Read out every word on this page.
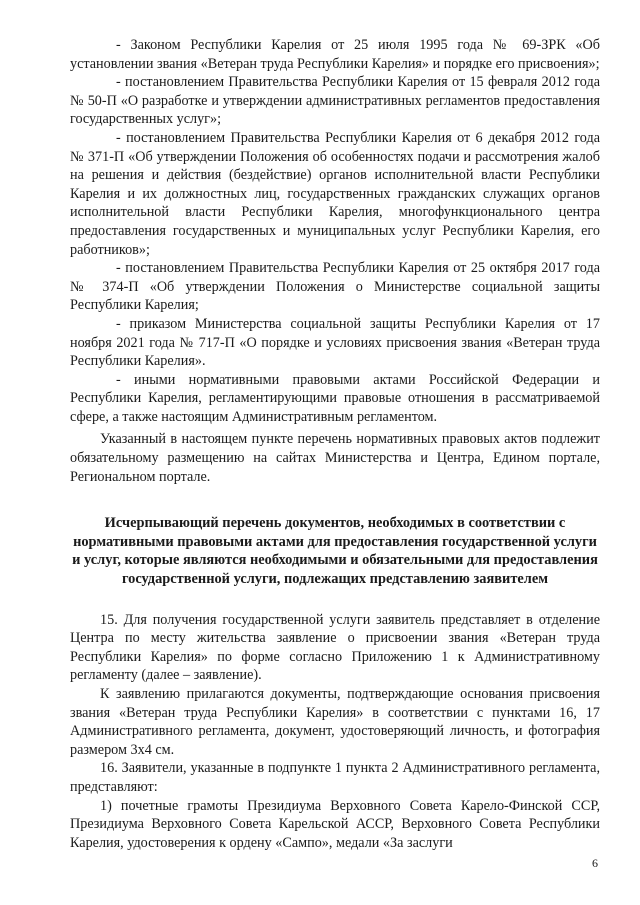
- Законом Республики Карелия от 25 июля 1995 года № 69-ЗРК «Об установлении звания «Ветеран труда Республики Карелия» и порядке его присвоения»;

- постановлением Правительства Республики Карелия от 15 февраля 2012 года № 50-П «О разработке и утверждении административных регламентов предоставления государственных услуг»;

- постановлением Правительства Республики Карелия от 6 декабря 2012 года № 371-П «Об утверждении Положения об особенностях подачи и рассмотрения жалоб на решения и действия (бездействие) органов исполнительной власти Республики Карелия и их должностных лиц, государственных гражданских служащих органов исполнительной власти Республики Карелия, многофункционального центра предоставления государственных и муниципальных услуг Республики Карелия, его работников»;

- постановлением Правительства Республики Карелия от 25 октября 2017 года № 374-П «Об утверждении Положения о Министерстве социальной защиты Республики Карелия;

- приказом Министерства социальной защиты Республики Карелия от 17 ноября 2021 года № 717-П «О порядке и условиях присвоения звания «Ветеран труда Республики Карелия».

- иными нормативными правовыми актами Российской Федерации и Республики Карелия, регламентирующими правовые отношения в рассматриваемой сфере, а также настоящим Административным регламентом.

Указанный в настоящем пункте перечень нормативных правовых актов подлежит обязательному размещению на сайтах Министерства и Центра, Едином портале, Региональном портале.

Исчерпывающий перечень документов, необходимых в соответствии с нормативными правовыми актами для предоставления государственной услуги и услуг, которые являются необходимыми и обязательными для предоставления государственной услуги, подлежащих представлению заявителем

15. Для получения государственной услуги заявитель представляет в отделение Центра по месту жительства заявление о присвоении звания «Ветеран труда Республики Карелия» по форме согласно Приложению 1 к Административному регламенту (далее – заявление).

К заявлению прилагаются документы, подтверждающие основания присвоения звания «Ветеран труда Республики Карелия» в соответствии с пунктами 16, 17 Административного регламента, документ, удостоверяющий личность, и фотография размером 3х4 см.

16. Заявители, указанные в подпункте 1 пункта 2 Административного регламента, представляют:

1) почетные грамоты Президиума Верховного Совета Карело-Финской ССР, Президиума Верховного Совета Карельской АССР, Верховного Совета Республики Карелия, удостоверения к ордену «Сампо», медали «За заслуги

6
